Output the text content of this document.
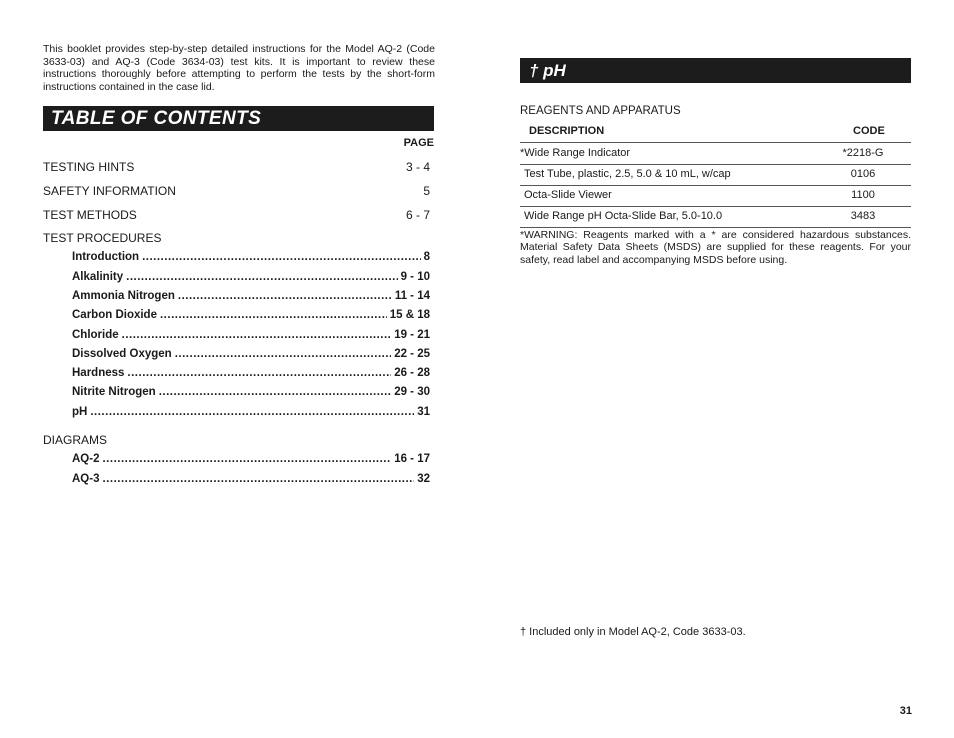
This booklet provides step-by-step detailed instructions for the Model AQ-2 (Code 3633-03) and AQ-3 (Code 3634-03) test kits. It is important to review these instructions thoroughly before attempting to perform the tests by the short-form instructions contained in the case lid.
TABLE OF CONTENTS
PAGE
TESTING HINTS	3 - 4
SAFETY INFORMATION	5
TEST METHODS	6 - 7
TEST PROCEDURES
Introduction .....	8
Alkalinity .....	9 - 10
Ammonia Nitrogen .....	11 - 14
Carbon Dioxide .....	15 & 18
Chloride .....	19 - 21
Dissolved Oxygen .....	22 - 25
Hardness .....	26 - 28
Nitrite Nitrogen .....	29 - 30
pH .....	31
DIAGRAMS
AQ-2 .....	16 - 17
AQ-3 .....	32
† pH
REAGENTS AND APPARATUS
DESCRIPTION	CODE
*Wide Range Indicator	*2218-G
Test Tube, plastic, 2.5, 5.0 & 10 mL, w/cap	0106
Octa-Slide Viewer	1100
Wide Range pH Octa-Slide Bar, 5.0-10.0	3483
*WARNING: Reagents marked with a * are considered hazardous substances. Material Safety Data Sheets (MSDS) are supplied for these reagents. For your safety, read label and accompanying MSDS before using.
† Included only in Model AQ-2, Code 3633-03.
31
